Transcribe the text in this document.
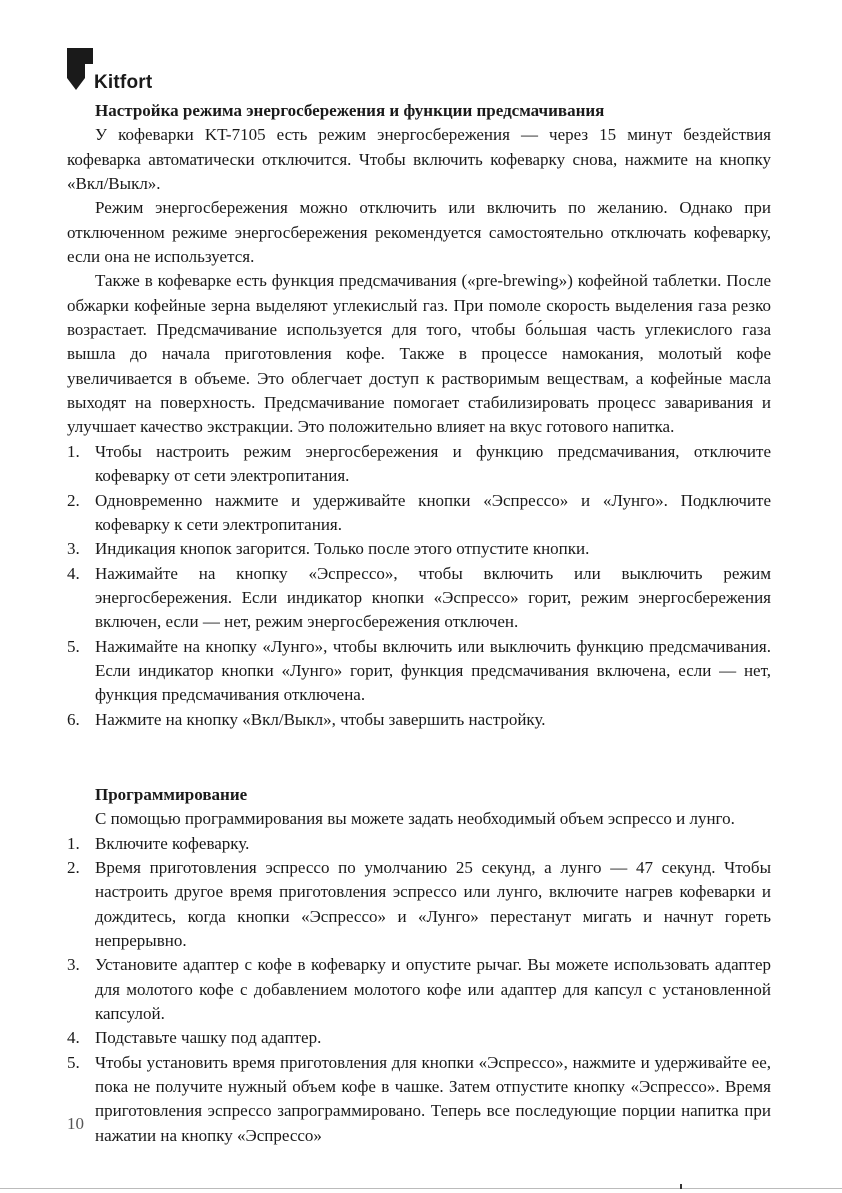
Kitfort

Настройка режима энергосбережения и функции предсмачивания

У кофеварки KT-7105 есть режим энергосбережения — через 15 минут бездействия кофеварка автоматически отключится. Чтобы включить кофеварку снова, нажмите на кнопку «Вкл/Выкл».

Режим энергосбережения можно отключить или включить по желанию. Однако при отключенном режиме энергосбережения рекомендуется самостоятельно отключать кофеварку, если она не используется.

Также в кофеварке есть функция предсмачивания («pre-brewing») кофейной таблетки. После обжарки кофейные зерна выделяют углекислый газ. При помоле скорость выделения газа резко возрастает. Предсмачивание используется для того, чтобы бо́льшая часть углекислого газа вышла до начала приготовления кофе. Также в процессе намокания, молотый кофе увеличивается в объеме. Это облегчает доступ к растворимым веществам, а кофейные масла выходят на поверхность. Предсмачивание помогает стабилизировать процесс заваривания и улучшает качество экстракции. Это положительно влияет на вкус готового напитка.

1. Чтобы настроить режим энергосбережения и функцию предсмачивания, отключите кофеварку от сети электропитания.
2. Одновременно нажмите и удерживайте кнопки «Эспрессо» и «Лунго». Подключите кофеварку к сети электропитания.
3. Индикация кнопок загорится. Только после этого отпустите кнопки.
4. Нажимайте на кнопку «Эспрессо», чтобы включить или выключить режим энергосбережения. Если индикатор кнопки «Эспрессо» горит, режим энергосбережения включен, если — нет, режим энергосбережения отключен.
5. Нажимайте на кнопку «Лунго», чтобы включить или выключить функцию предсмачивания. Если индикатор кнопки «Лунго» горит, функция предсмачивания включена, если — нет, функция предсмачивания отключена.
6. Нажмите на кнопку «Вкл/Выкл», чтобы завершить настройку.

Программирование

С помощью программирования вы можете задать необходимый объем эспрессо и лунго.

1. Включите кофеварку.
2. Время приготовления эспрессо по умолчанию 25 секунд, а лунго — 47 секунд. Чтобы настроить другое время приготовления эспрессо или лунго, включите нагрев кофеварки и дождитесь, когда кнопки «Эспрессо» и «Лунго» перестанут мигать и начнут гореть непрерывно.
3. Установите адаптер с кофе в кофеварку и опустите рычаг. Вы можете использовать адаптер для молотого кофе с добавлением молотого кофе или адаптер для капсул с установленной капсулой.
4. Подставьте чашку под адаптер.
5. Чтобы установить время приготовления для кнопки «Эспрессо», нажмите и удерживайте ее, пока не получите нужный объем кофе в чашке. Затем отпустите кнопку «Эспрессо». Время приготовления эспрессо запрограммировано. Теперь все последующие порции напитка при нажатии на кнопку «Эспрессо»
10
